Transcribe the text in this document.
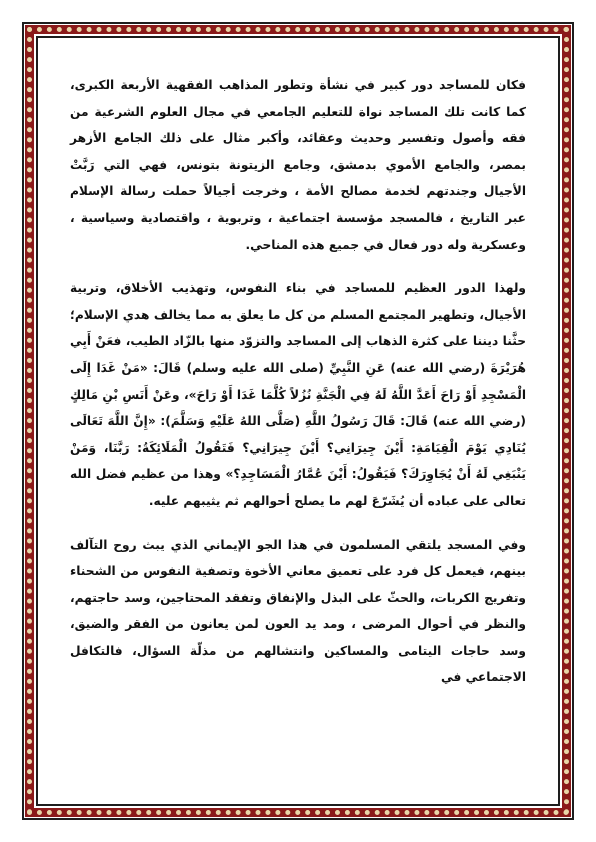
فكان للمساجد دور كبير في نشأة وتطور المذاهب الفقهية الأربعة الكبرى، كما كانت تلك المساجد نواة للتعليم الجامعي في مجال العلوم الشرعية من فقه وأصول وتفسير وحديث وعقائد، وأكبر مثال على ذلك الجامع الأزهر بمصر، والجامع الأموي بدمشق، وجامع الزيتونة بتونس، فهي التي رَبَّتْ الأجيال وجندتهم لخدمة مصالح الأمة ، وخرجت أجيالاً حملت رسالة الإسلام عبر التاريخ ، فالمسجد مؤسسة اجتماعية ، وتربوية ، واقتصادية وسياسية ، وعسكرية وله دور فعال في جميع هذه المناحي.

ولهذا الدور العظيم للمساجد في بناء النفوس، وتهذيب الأخلاق، وتربية الأجيال، وتطهير المجتمع المسلم من كل ما يعلق به مما يخالف هدي الإسلام؛ حثَّنا ديننا على كثرة الذهاب إلى المساجد والتزوّد منها بالزّاد الطيب، فعَنْ أَبِي هُرَيْرَةَ (رضي الله عنه) عَنِ النَّبِيِّ (صلى الله عليه وسلم) قَالَ: «مَنْ غَدَا إِلَى الْمَسْجِدِ أَوْ رَاحَ أَعَدَّ اللَّهُ لَهُ فِي الْجَنَّةِ نُزُلاً كُلَّمَا غَدَا أَوْ رَاحَ»، وعَنْ أَنَسِ بْنِ مَالِكٍ (رضي الله عنه) قَالَ: قَالَ رَسُولُ اللَّهِ (صَلَّى اللهُ عَلَيْهِ وَسَلَّمَ): «إِنَّ اللَّهَ تَعَالَى يُنَادِي يَوْمَ الْقِيَامَةِ: أَيْنَ جِيرَانِي؟ أَيْنَ جِيرَانِي؟ فَتَقُولُ الْمَلَائِكَةُ: رَبَّنَا، وَمَنْ يَنْبَغِي لَهُ أَنْ يُجَاوِرَكَ؟ فَيَقُولُ: أَيْنَ عُمَّارُ الْمَسَاجِدِ؟» وهذا من عظيم فضل الله تعالى على عباده أن يُشَرّعَ لهم ما يصلح أحوالهم ثم يثيبهم عليه.

وفي المسجد يلتقي المسلمون في هذا الجو الإيماني الذي يبث روح التآلف بينهم، فيعمل كل فرد على تعميق معاني الأخوة وتصفية النفوس من الشحناء وتفريج الكربات، والحثّ على البذل والإنفاق وتفقد المحتاجين، وسد حاجتهم، والنظر في أحوال المرضى ، ومد يد العون لمن يعانون من الفقر والضيق، وسد حاجات اليتامى والمساكين وانتشالهم من مذلّة السؤال، فالتكافل الاجتماعي في
